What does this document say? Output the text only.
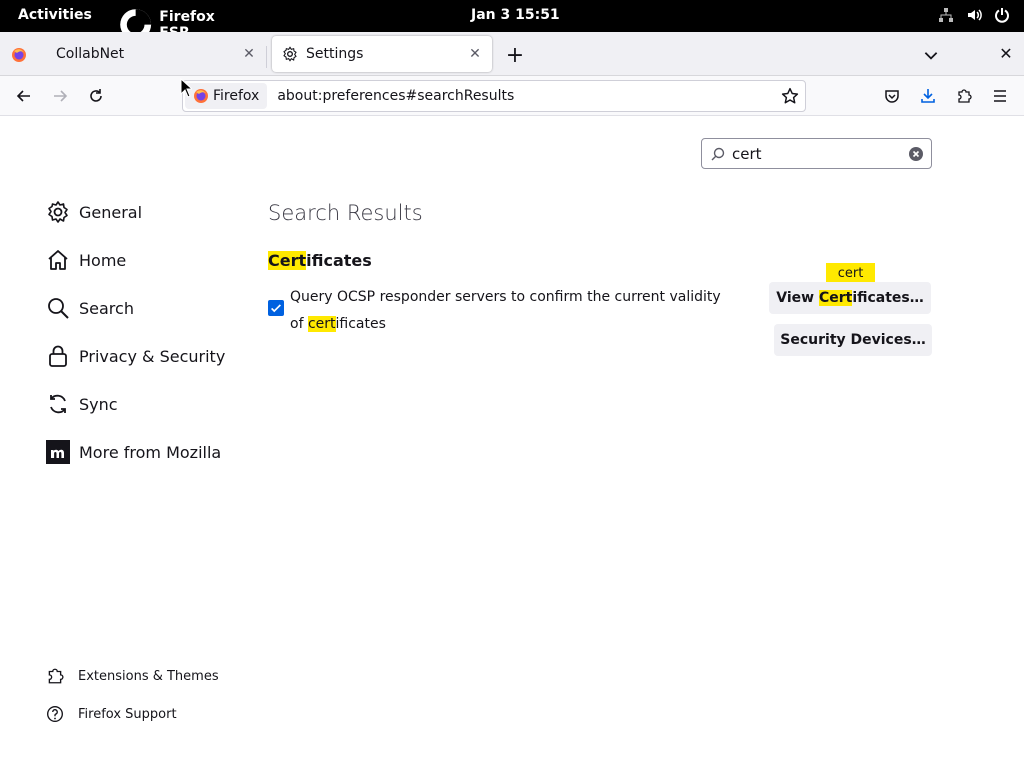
Activities	Firefox	Jan 3 15:51
CollabNet	✕	Settings	✕ +	✕
Firefox about:preferences#searchResults
cert
General
Home
Search
Privacy & Security
Sync
More from Mozilla
Extensions & Themes
Firefox Support
Search Results
Certificates
Query OCSP responder servers to confirm the current validity of certificates
cert
View Cert ificates…
Security Devices…
